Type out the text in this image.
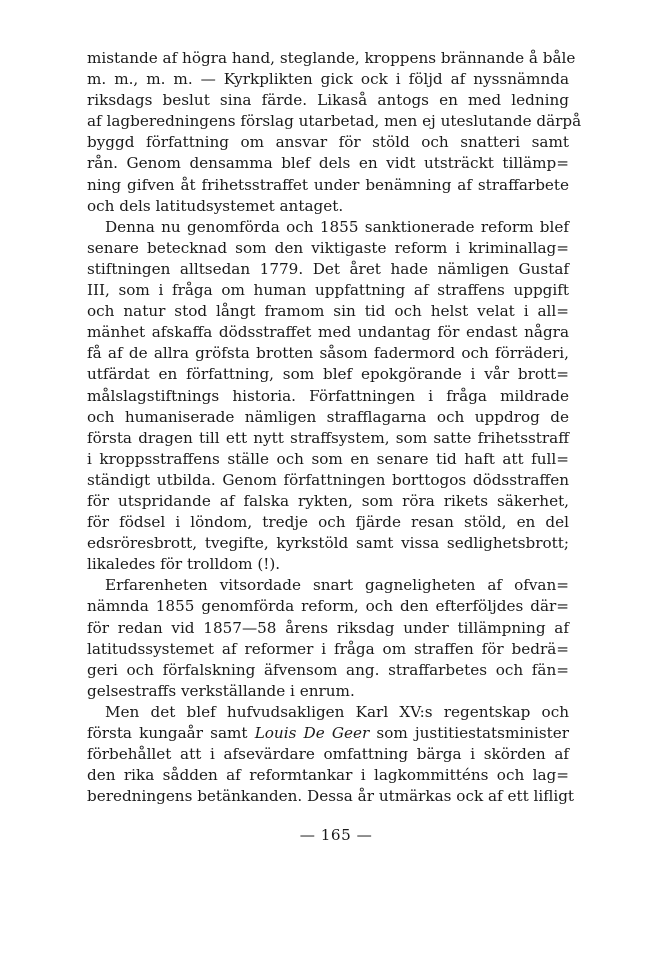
mistande af högra hand, steglande, kroppens brännande å båle
m. m., m. m. — Kyrkplikten gick ock i följd af nyssnämnda
riksdags beslut sina färde. Likaså antogs en med ledning
af lagberedningens förslag utarbetad, men ej uteslutande därpå
byggd författning om ansvar för stöld och snatteri samt
rån. Genom densamma blef dels en vidt utsträckt tillämp=
ning gifven åt frihetsstraffet under benämning af straffarbete
och dels latitudsystemet antaget.
Denna nu genomförda och 1855 sanktionerade reform blef
senare betecknad som den viktigaste reform i kriminallag=
stiftningen alltsedan 1779. Det året hade nämligen Gustaf
III, som i fråga om human uppfattning af straffens uppgift
och natur stod långt framom sin tid och helst velat i all=
mänhet afskaffa dödsstraffet med undantag för endast några
få af de allra gröfsta brotten såsom fadermord och förräderi,
utfärdat en författning, som blef epokgörande i vår brott=
målslagstiftnings historia. Författningen i fråga mildrade
och humaniserade nämligen strafflagarna och uppdrog de
första dragen till ett nytt straffsystem, som satte frihetsstraff
i kroppsstraffens ställe och som en senare tid haft att full=
ständigt utbilda. Genom författningen borttogos dödsstraffen
för utspridande af falska rykten, som röra rikets säkerhet,
för födsel i löndom, tredje och fjärde resan stöld, en del
edsröresbrott, tvegifte, kyrkstöld samt vissa sedlighetsbrott;
likaledes för trolldom (!).
Erfarenheten vitsordade snart gagneligheten af ofvan=
nämnda 1855 genomförda reform, och den efterföljdes där=
för redan vid 1857—58 årens riksdag under tillämpning af
latitudssystemet af reformer i fråga om straffen för bedrä=
geri och förfalskning äfvensom ang. straffarbetes och fän=
gelsestraffs verkställande i enrum.
Men det blef hufvudsakligen Karl XV:s regentskap och
första kungaår samt Louis De Geer som justitiestatsminister
förbehållet att i afsevärdare omfattning bärga i skörden af
den rika sådden af reformtankar i lagkommitténs och lag=
beredningens betänkanden. Dessa år utmärkas ock af ett lifligt
— 165 —
